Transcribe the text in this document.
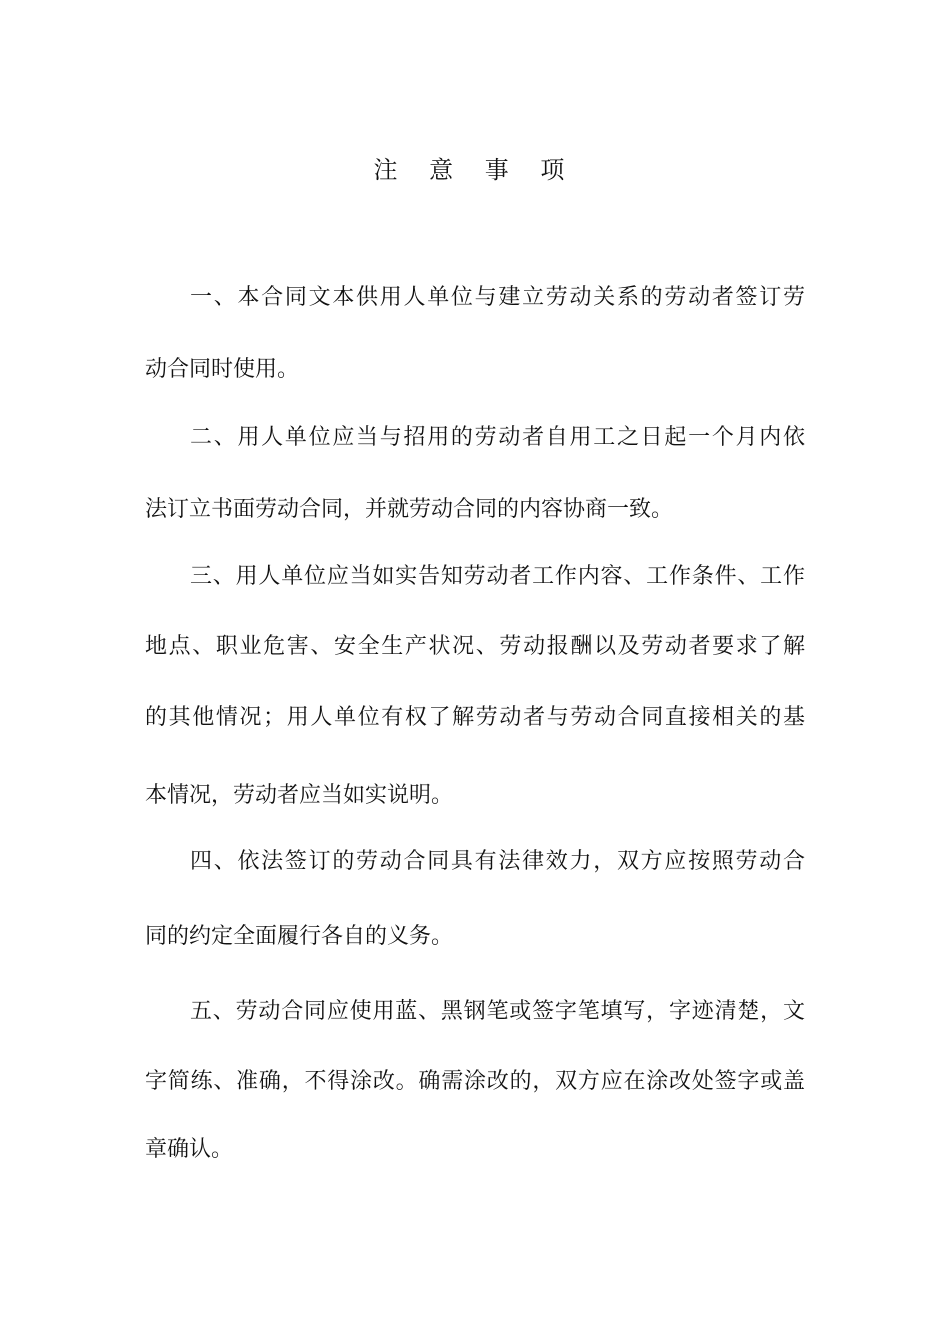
注 意 事 项
一、本合同文本供用人单位与建立劳动关系的劳动者签订劳
动合同时使用。
二、用人单位应当与招用的劳动者自用工之日起一个月内依
法订立书面劳动合同，并就劳动合同的内容协商一致。
三、用人单位应当如实告知劳动者工作内容、工作条件、工作
地点、职业危害、安全生产状况、劳动报酬以及劳动者要求了解
的其他情况；用人单位有权了解劳动者与劳动合同直接相关的基
本情况，劳动者应当如实说明。
四、依法签订的劳动合同具有法律效力，双方应按照劳动合
同的约定全面履行各自的义务。
五、劳动合同应使用蓝、黑钢笔或签字笔填写，字迹清楚，文
字简练、准确，不得涂改。确需涂改的，双方应在涂改处签字或盖
章确认。
